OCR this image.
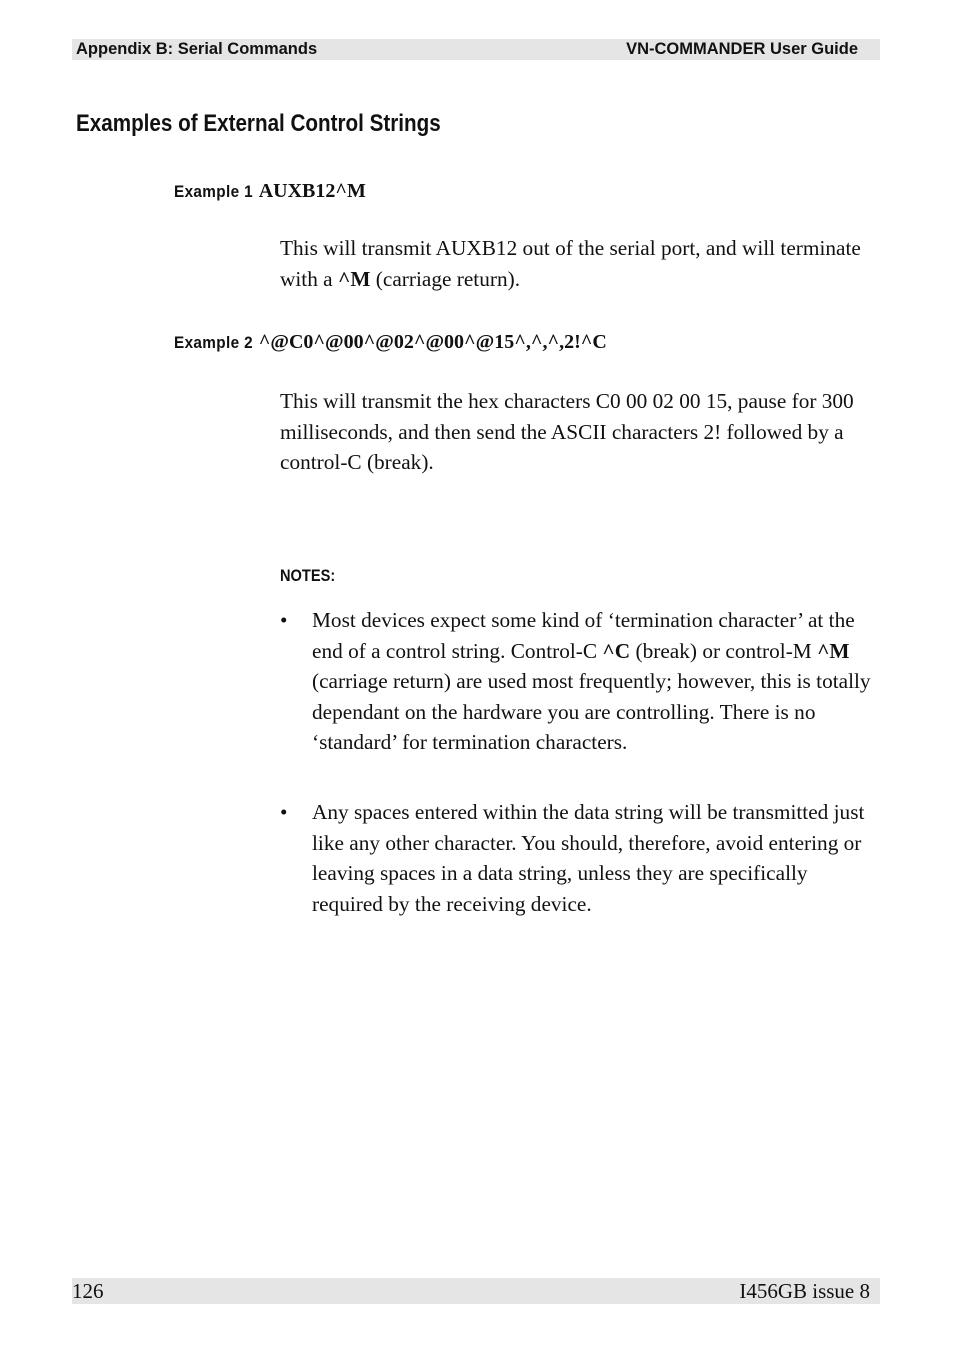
Appendix B: Serial Commands	VN-COMMANDER User Guide
Examples of External Control Strings
Example 1 AUXB12^M
This will transmit AUXB12 out of the serial port, and will terminate with a ^M (carriage return).
Example 2 ^@C0^@00^@02^@00^@15^,^,^,2!^C
This will transmit the hex characters C0 00 02 00 15, pause for 300 milliseconds, and then send the ASCII characters 2! followed by a control-C (break).
NOTES:
• Most devices expect some kind of ‘termination character’ at the end of a control string. Control-C ^C (break) or control-M ^M (carriage return) are used most frequently; however, this is totally dependant on the hardware you are controlling. There is no ‘standard’ for termination characters.
• Any spaces entered within the data string will be transmitted just like any other character. You should, therefore, avoid entering or leaving spaces in a data string, unless they are specifically required by the receiving device.
126	I456GB issue 8
